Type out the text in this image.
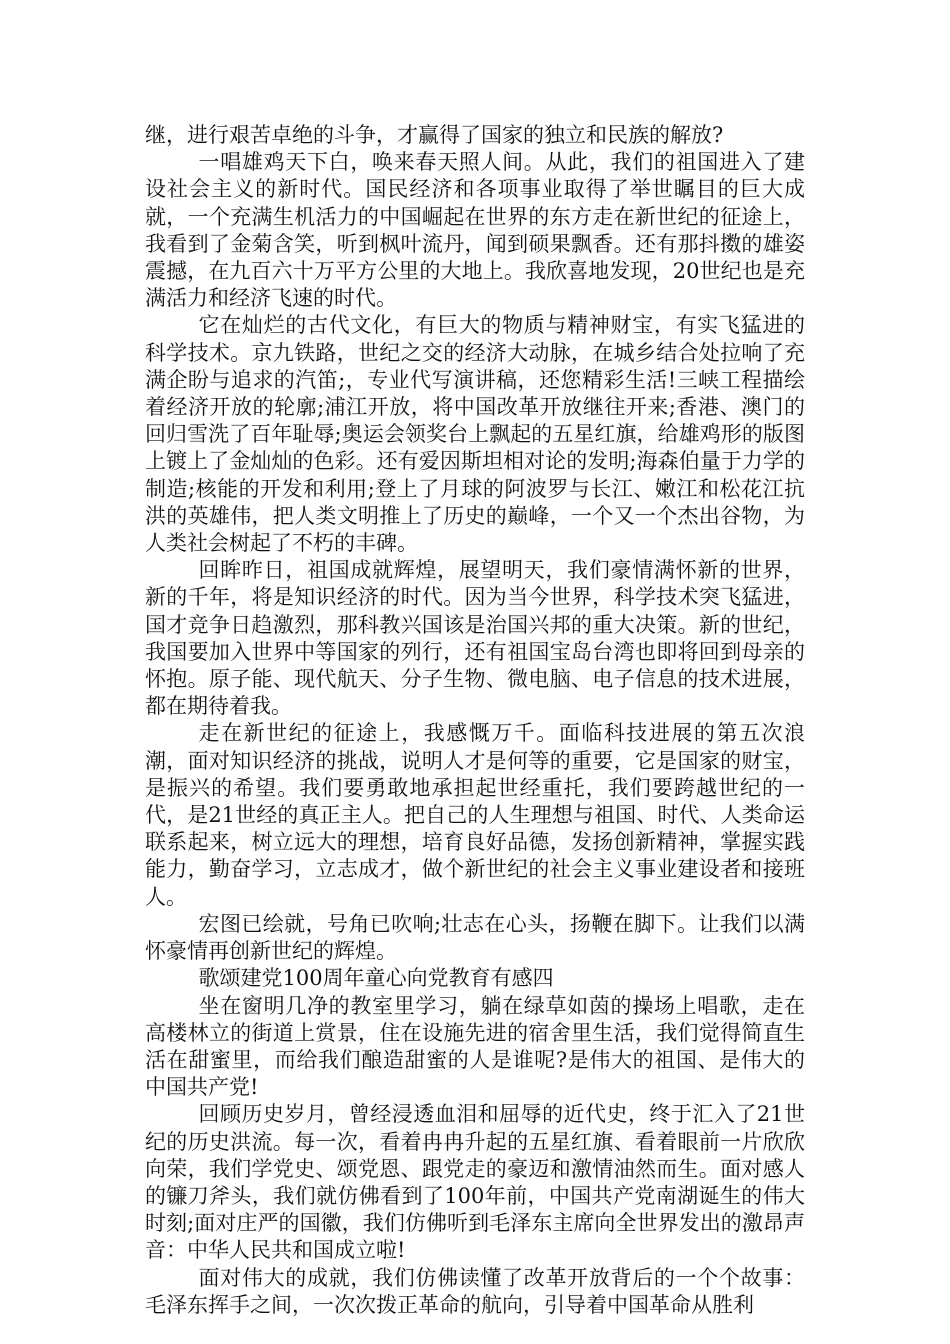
继，进行艰苦卓绝的斗争，才赢得了国家的独立和民族的解放?

一唱雄鸡天下白，唤来春天照人间。从此，我们的祖国进入了建设社会主义的新时代。国民经济和各项事业取得了举世瞩目的巨大成就，一个充满生机活力的中国崛起在世界的东方走在新世纪的征途上，我看到了金菊含笑，听到枫叶流丹，闻到硕果飘香。还有那抖擞的雄姿震撼，在九百六十万平方公里的大地上。我欣喜地发现，20世纪也是充满活力和经济飞速的时代。

它在灿烂的古代文化，有巨大的物质与精神财宝，有实飞猛进的科学技术。京九铁路，世纪之交的经济大动脉，在城乡结合处拉响了充满企盼与追求的汽笛;，专业代写演讲稿，还您精彩生活!三峡工程描绘着经济开放的轮廓;浦江开放，将中国改革开放继往开来;香港、澳门的回归雪洗了百年耻辱;奥运会领奖台上飘起的五星红旗，给雄鸡形的版图上镀上了金灿灿的色彩。还有爱因斯坦相对论的发明;海森伯量于力学的制造;核能的开发和利用;登上了月球的阿波罗与长江、嫩江和松花江抗洪的英雄伟，把人类文明推上了历史的巅峰，一个又一个杰出谷物，为人类社会树起了不朽的丰碑。

回眸昨日，祖国成就辉煌，展望明天，我们豪情满怀新的世界，新的千年，将是知识经济的时代。因为当今世界，科学技术突飞猛进，国才竞争日趋激烈，那科教兴国该是治国兴邦的重大决策。新的世纪，我国要加入世界中等国家的列行，还有祖国宝岛台湾也即将回到母亲的怀抱。原子能、现代航天、分子生物、微电脑、电子信息的技术进展，都在期待着我。

走在新世纪的征途上，我感慨万千。面临科技进展的第五次浪潮，面对知识经济的挑战，说明人才是何等的重要，它是国家的财宝，是振兴的希望。我们要勇敢地承担起世经重托，我们要跨越世纪的一代，是21世经的真正主人。把自己的人生理想与祖国、时代、人类命运联系起来，树立远大的理想，培育良好品德，发扬创新精神，掌握实践能力，勤奋学习，立志成才，做个新世纪的社会主义事业建设者和接班人。

宏图已绘就，号角已吹响;壮志在心头，扬鞭在脚下。让我们以满怀豪情再创新世纪的辉煌。

歌颂建党100周年童心向党教育有感四

坐在窗明几净的教室里学习，躺在绿草如茵的操场上唱歌，走在高楼林立的街道上赏景，住在设施先进的宿舍里生活，我们觉得简直生活在甜蜜里，而给我们酿造甜蜜的人是谁呢?是伟大的祖国、是伟大的中国共产党!

回顾历史岁月，曾经浸透血泪和屈辱的近代史，终于汇入了21世纪的历史洪流。每一次，看着冉冉升起的五星红旗、看着眼前一片欣欣向荣，我们学党史、颂党恩、跟党走的豪迈和激情油然而生。面对感人的镰刀斧头，我们就仿佛看到了100年前，中国共产党南湖诞生的伟大时刻;面对庄严的国徽，我们仿佛听到毛泽东主席向全世界发出的激昂声音：中华人民共和国成立啦!

面对伟大的成就，我们仿佛读懂了改革开放背后的一个个故事：毛泽东挥手之间，一次次拨正革命的航向，引导着中国革命从胜利
